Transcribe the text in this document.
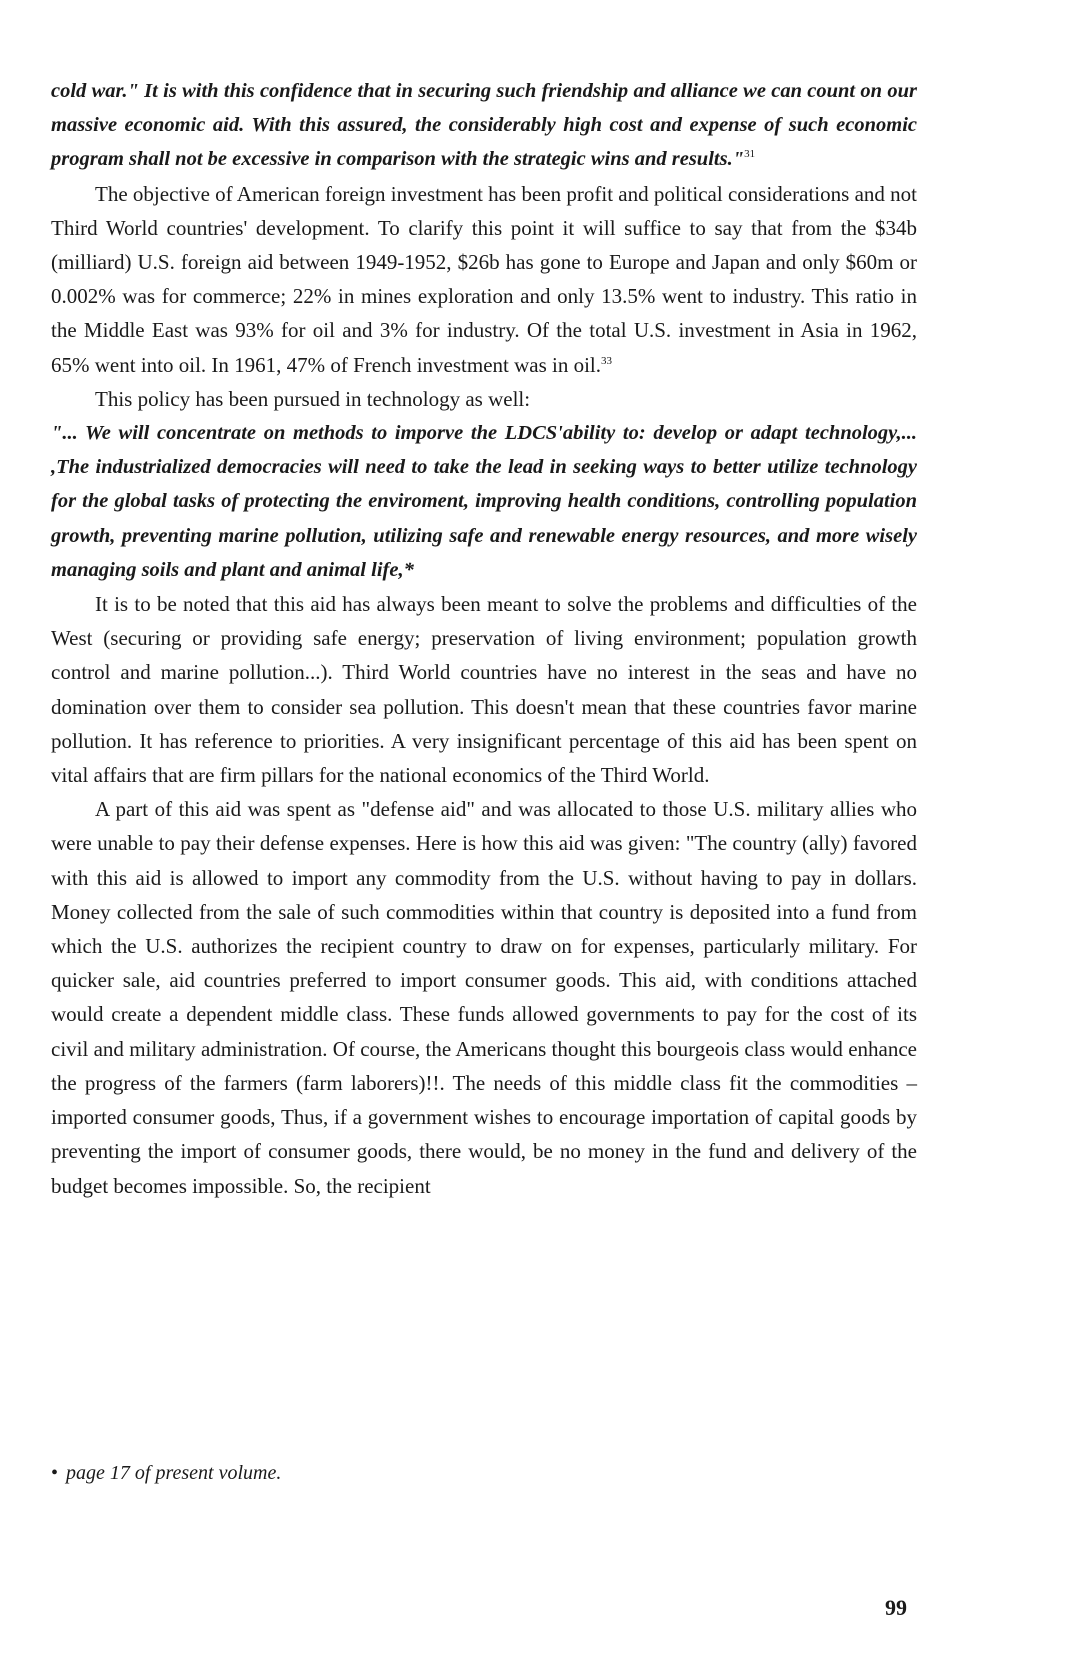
cold war." It is with this confidence that in securing such friendship and alliance we can count on our massive economic aid. With this assured, the considerably high cost and expense of such economic program shall not be excessive in comparison with the strategic wins and results."$^{31}$

The objective of American foreign investment has been profit and political considerations and not Third World countries' development. To clarify this point it will suffice to say that from the $34b (milliard) U.S. foreign aid between 1949-1952, $26b has gone to Europe and Japan and only $60m or 0.002% was for commerce; 22% in mines exploration and only 13.5% went to industry. This ratio in the Middle East was 93% for oil and 3% for industry. Of the total U.S. investment in Asia in 1962, 65% went into oil. In 1961, 47% of French investment was in oil.$^{33}$

This policy has been pursued in technology as well:

"... We will concentrate on methods to imporve the LDCS'ability to: develop or adapt technology,... ,The industrialized democracies will need to take the lead in seeking ways to better utilize technology for the global tasks of protecting the enviroment, improving health conditions, controlling population growth, preventing marine pollution, utilizing safe and renewable energy resources, and more wisely managing soils and plant and animal life,*

It is to be noted that this aid has always been meant to solve the problems and difficulties of the West (securing or providing safe energy; preservation of living environment; population growth control and marine pollution...). Third World countries have no interest in the seas and have no domination over them to consider sea pollution. This doesn't mean that these countries favor marine pollution. It has reference to priorities. A very insignificant percentage of this aid has been spent on vital affairs that are firm pillars for the national economics of the Third World.

A part of this aid was spent as "defense aid" and was allocated to those U.S. military allies who were unable to pay their defense expenses. Here is how this aid was given: "The country (ally) favored with this aid is allowed to import any commodity from the U.S. without having to pay in dollars. Money collected from the sale of such commodities within that country is deposited into a fund from which the U.S. authorizes the recipient country to draw on for expenses, particularly military. For quicker sale, aid countries preferred to import consumer goods. This aid, with conditions attached would create a dependent middle class. These funds allowed governments to pay for the cost of its civil and military administration. Of course, the Americans thought this bourgeois class would enhance the progress of the farmers (farm laborers)!!. The needs of this middle class fit the commodities – imported consumer goods, Thus, if a government wishes to encourage importation of capital goods by preventing the import of consumer goods, there would, be no money in the fund and delivery of the budget becomes impossible. So, the recipient

• page 17 of present volume.
99
